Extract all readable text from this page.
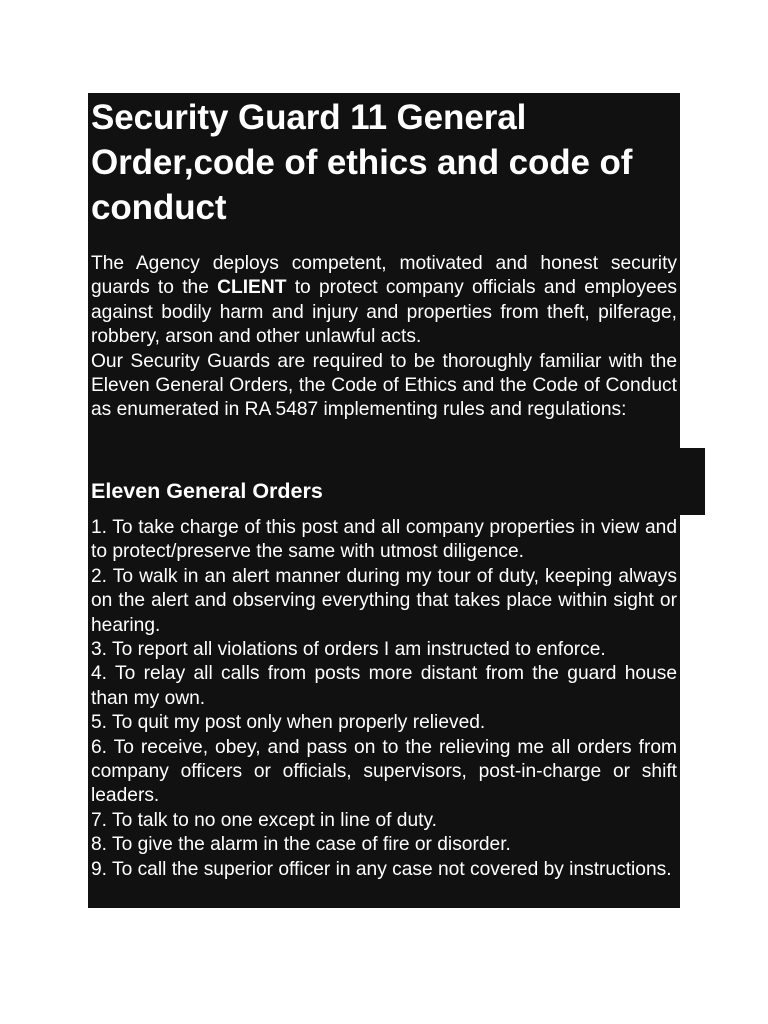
Security Guard 11 General Order,code of ethics and code of conduct

The Agency deploys competent, motivated and honest security guards to the CLIENT to protect company officials and employees against bodily harm and injury and properties from theft, pilferage, robbery, arson and other unlawful acts.

Our Security Guards are required to be thoroughly familiar with the Eleven General Orders, the Code of Ethics and the Code of Conduct as enumerated in RA 5487 implementing rules and regulations:

Eleven General Orders
1. To take charge of this post and all company properties in view and to protect/preserve the same with utmost diligence.
2. To walk in an alert manner during my tour of duty, keeping always on the alert and observing everything that takes place within sight or hearing.
3. To report all violations of orders I am instructed to enforce.
4. To relay all calls from posts more distant from the guard house than my own.
5. To quit my post only when properly relieved.
6. To receive, obey, and pass on to the relieving me all orders from company officers or officials, supervisors, post-in-charge or shift leaders.
7. To talk to no one except in line of duty.
8. To give the alarm in the case of fire or disorder.
9. To call the superior officer in any case not covered by instructions.
